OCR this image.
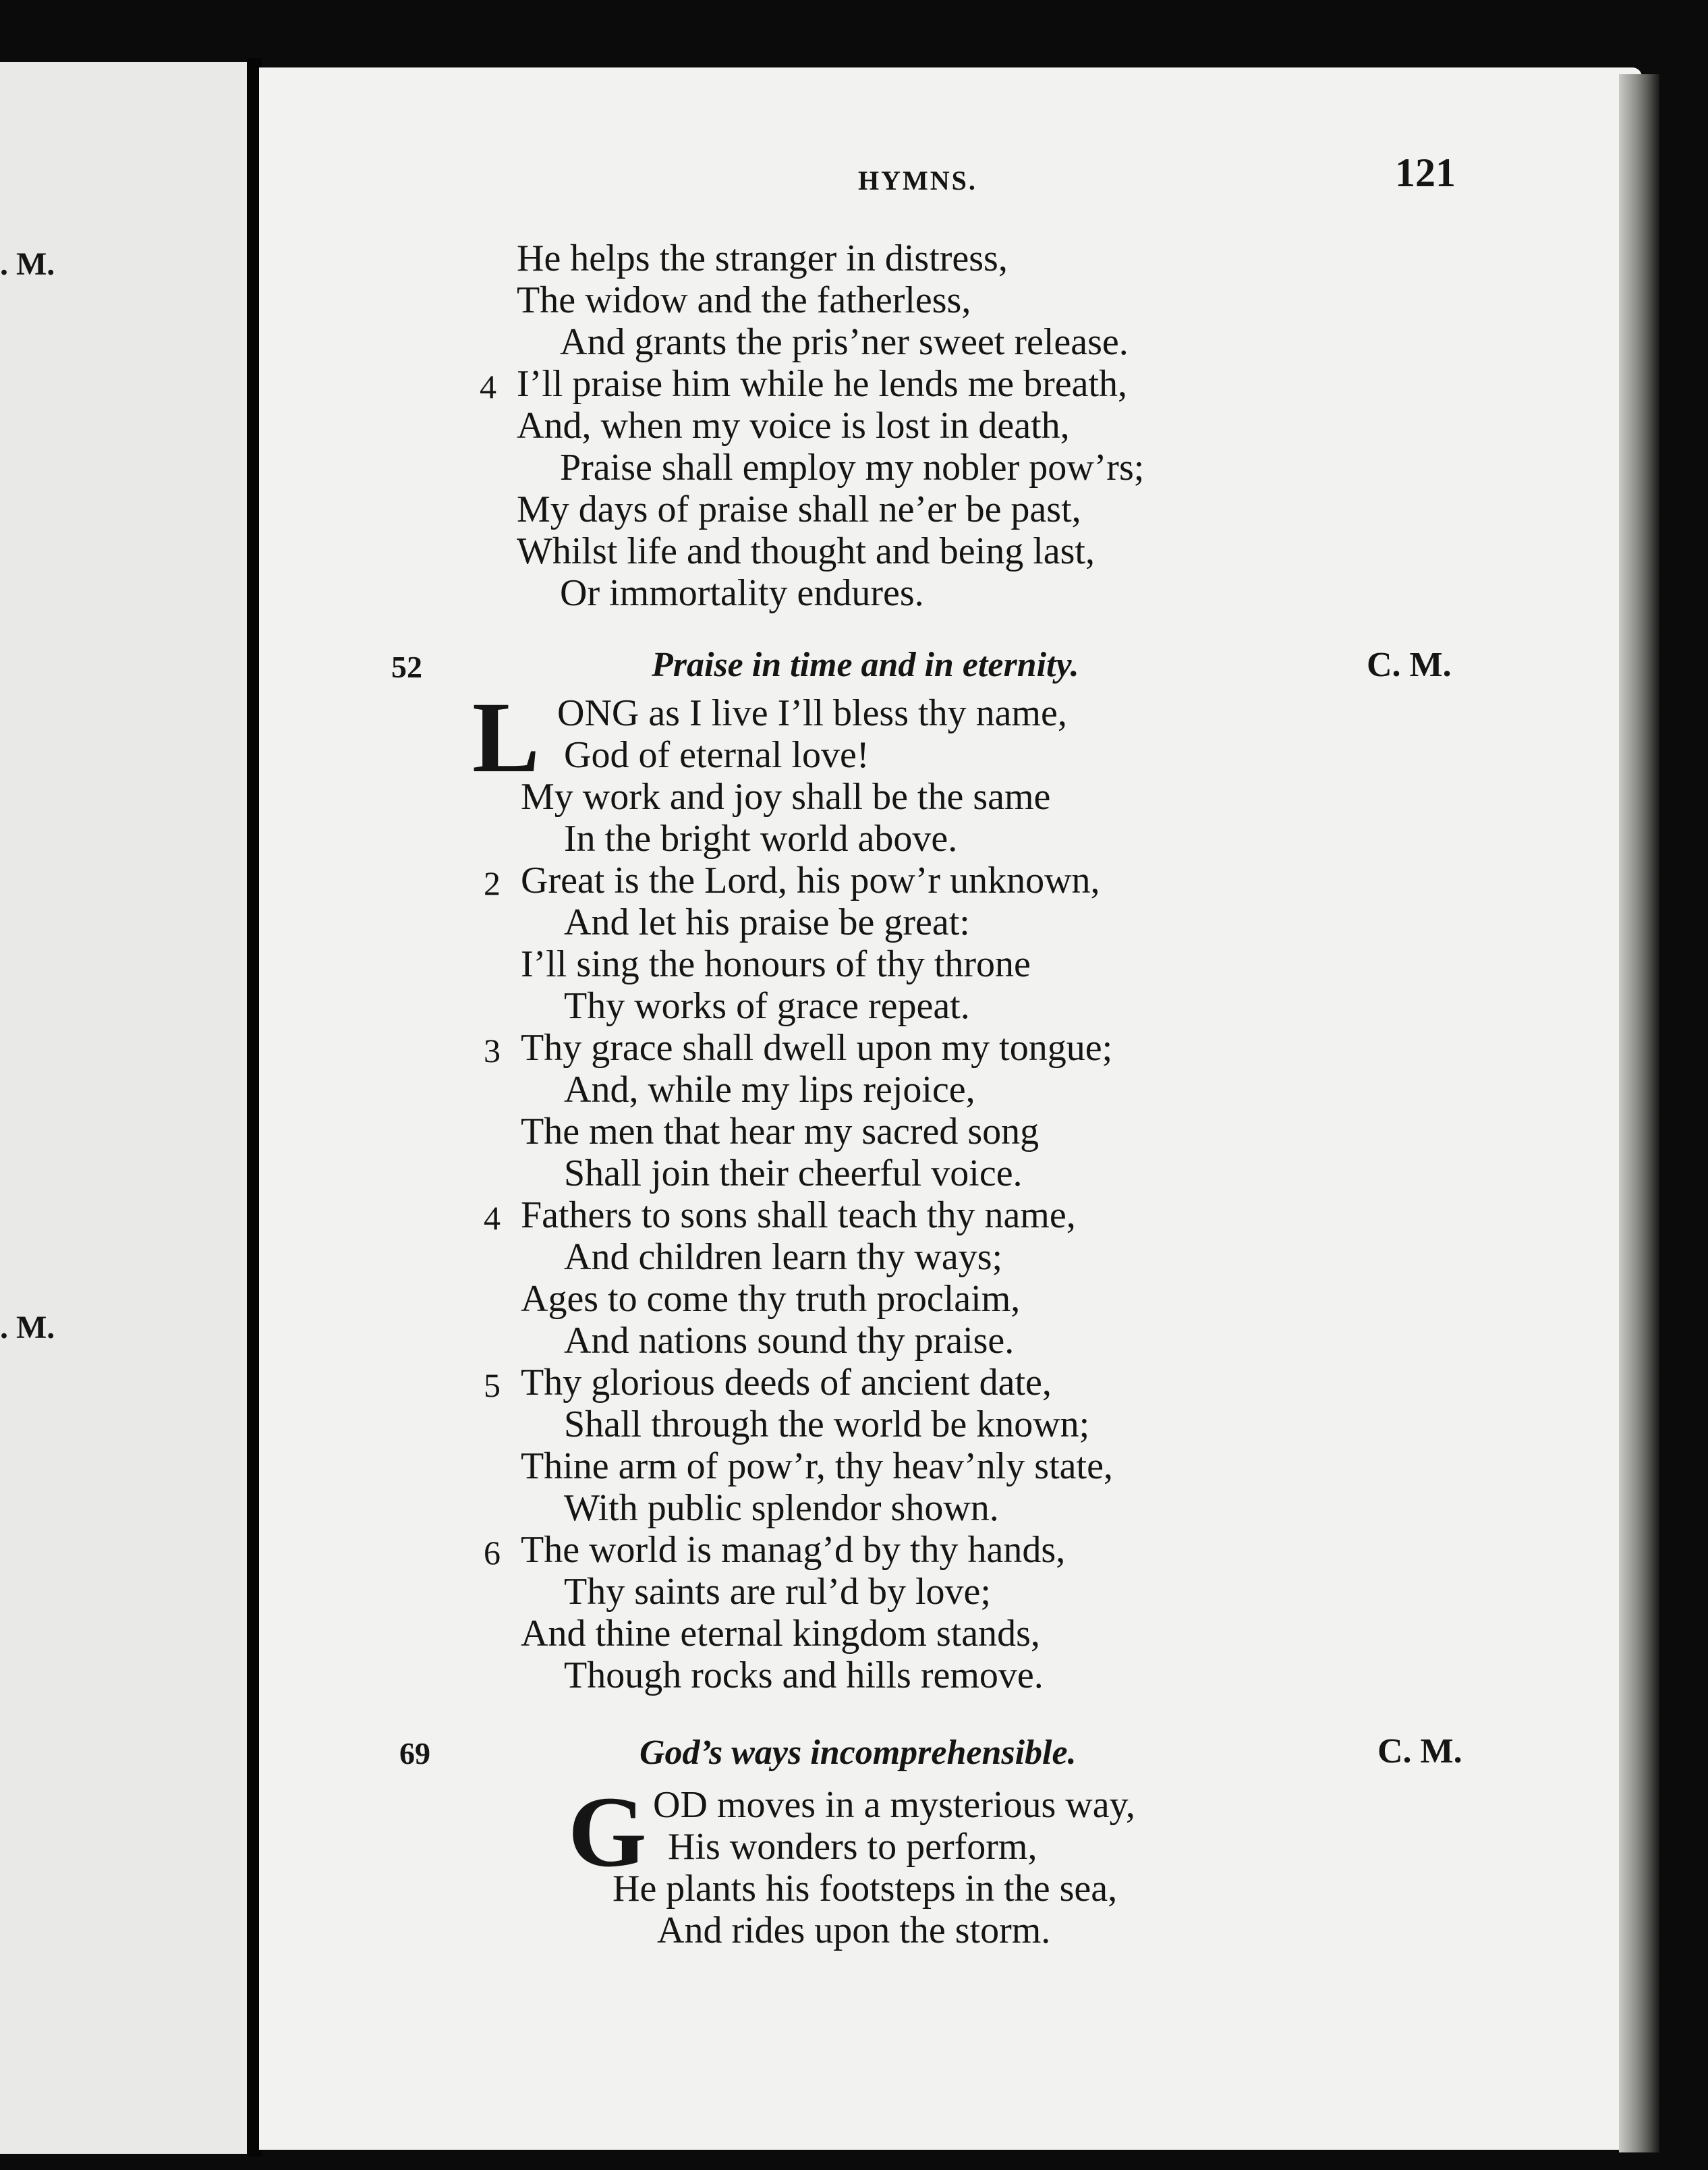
. M.
. M.
HYMNS.	121
He helps the stranger in distress,
The widow and the fatherless,
And grants the pris’ner sweet release.
4 I’ll praise him while he lends me breath,
And, when my voice is lost in death,
Praise shall employ my nobler pow’rs;
My days of praise shall ne’er be past,
Whilst life and thought and being last,
Or immortality endures.
52	Praise in time and in eternity.	C. M.
L ONG as I live I’ll bless thy name,
God of eternal love!
My work and joy shall be the same
In the bright world above.
2 Great is the Lord, his pow’r unknown,
And let his praise be great:
I’ll sing the honours of thy throne
Thy works of grace repeat.
3 Thy grace shall dwell upon my tongue;
And, while my lips rejoice,
The men that hear my sacred song
Shall join their cheerful voice.
4 Fathers to sons shall teach thy name,
And children learn thy ways;
Ages to come thy truth proclaim,
And nations sound thy praise.
5 Thy glorious deeds of ancient date,
Shall through the world be known;
Thine arm of pow’r, thy heav’nly state,
With public splendor shown.
6 The world is manag’d by thy hands,
Thy saints are rul’d by love;
And thine eternal kingdom stands,
Though rocks and hills remove.
69	God’s ways incomprehensible.	C. M.
G OD moves in a mysterious way,
His wonders to perform,
He plants his footsteps in the sea,
And rides upon the storm.
